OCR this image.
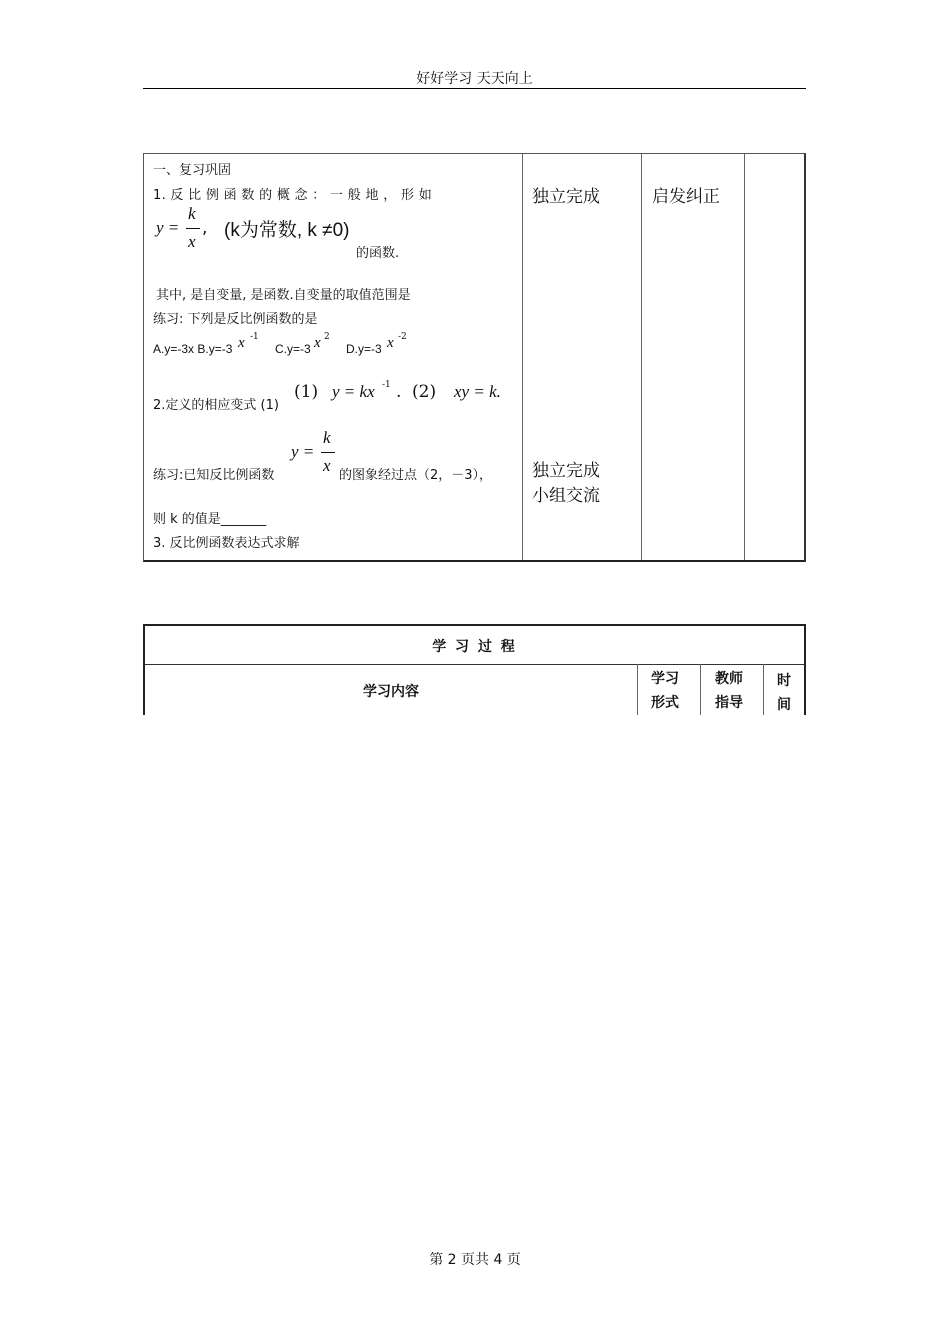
好好学习 天天向上
一、复习巩固
1. 反 比 例 函 数 的 概 念 ： 一 般 地 ， 形 如
y =
k
x
, (k为常数, k ≠0)
的函数.
其中, 是自变量, 是函数.自变量的取值范围是
练习: 下列是反比例函数的是
A.y=-3x B.y=-3 x -1
C.y=-3 x 2
D.y=-3 x -2
2.定义的相应变式 (1)
(1) y = kx -1 . (2) xy = k.
y =
k
x
练习:已知反比例函数	的图象经过点（2，－3），
则 k 的值是_______
3. 反比例函数表达式求解
独立完成	启发纠正
独立完成
小组交流
学 习 过 程
学习内容
学习
形式
教师
指导
时
间
第 2 页共 4 页
